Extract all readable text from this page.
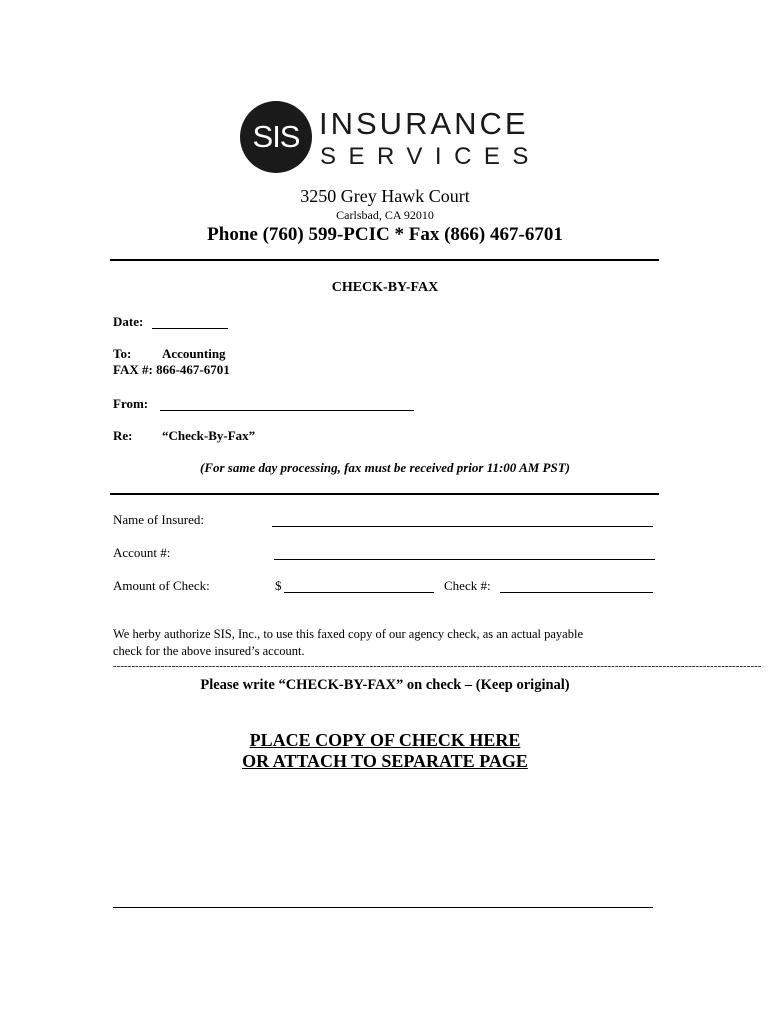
SIS INSURANCE
SERVICES
3250 Grey Hawk Court
Carlsbad, CA 92010
Phone (760) 599-PCIC * Fax (866) 467-6701
CHECK-BY-FAX
Date:
To: Accounting
FAX #: 866-467-6701
From:
Re: “Check-By-Fax”
(For same day processing, fax must be received prior 11:00 AM PST)
Name of Insured:
Account #:
Amount of Check:	$	Check #:
We herby authorize SIS, Inc., to use this faxed copy of our agency check, as an actual payable
check for the above insured’s account.
---------------------------------------------------------------------------------------------------------------------------------------------------------------------------------
Please write “CHECK-BY-FAX” on check – (Keep original)
PLACE COPY OF CHECK HERE
OR ATTACH TO SEPARATE PAGE
